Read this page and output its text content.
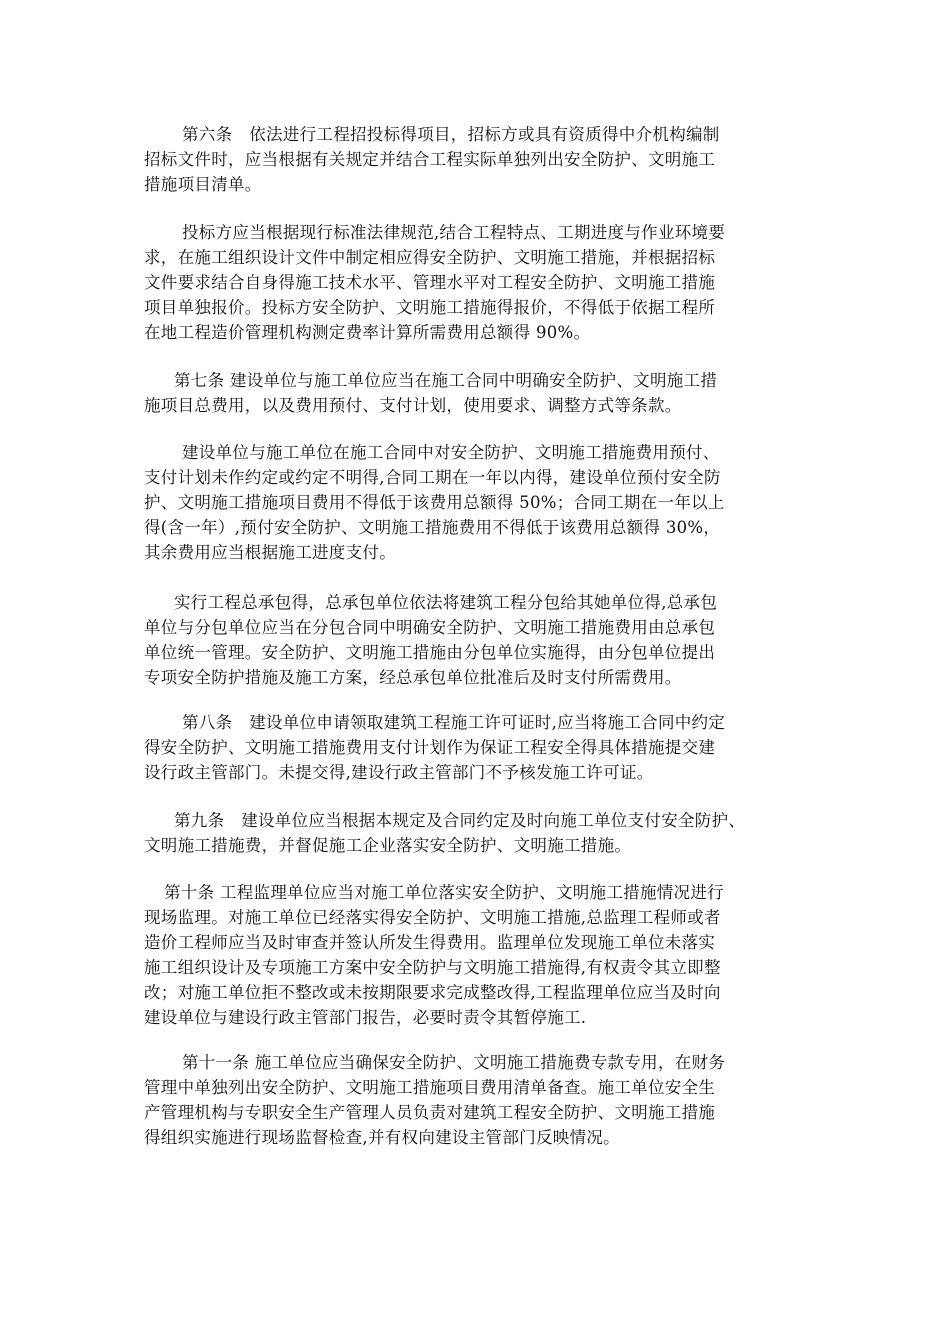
第六条　依法进行工程招投标得项目，招标方或具有资质得中介机构编制
招标文件时，应当根据有关规定并结合工程实际单独列出安全防护、文明施工
措施项目清单。
投标方应当根据现行标准法律规范,结合工程特点、工期进度与作业环境要
求，在施工组织设计文件中制定相应得安全防护、文明施工措施，并根据招标
文件要求结合自身得施工技术水平、管理水平对工程安全防护、文明施工措施
项目单独报价。投标方安全防护、文明施工措施得报价，不得低于依据工程所
在地工程造价管理机构测定费率计算所需费用总额得 90%。
第七条 建设单位与施工单位应当在施工合同中明确安全防护、文明施工措
施项目总费用，以及费用预付、支付计划，使用要求、调整方式等条款。
建设单位与施工单位在施工合同中对安全防护、文明施工措施费用预付、
支付计划未作约定或约定不明得,合同工期在一年以内得，建设单位预付安全防
护、文明施工措施项目费用不得低于该费用总额得 50%；合同工期在一年以上
得(含一年）,预付安全防护、文明施工措施费用不得低于该费用总额得 30%，
其余费用应当根据施工进度支付。
实行工程总承包得，总承包单位依法将建筑工程分包给其她单位得,总承包
单位与分包单位应当在分包合同中明确安全防护、文明施工措施费用由总承包
单位统一管理。安全防护、文明施工措施由分包单位实施得，由分包单位提出
专项安全防护措施及施工方案，经总承包单位批准后及时支付所需费用。
第八条　建设单位申请领取建筑工程施工许可证时,应当将施工合同中约定
得安全防护、文明施工措施费用支付计划作为保证工程安全得具体措施提交建
设行政主管部门。未提交得,建设行政主管部门不予核发施工许可证。
第九条　建设单位应当根据本规定及合同约定及时向施工单位支付安全防护、
文明施工措施费，并督促施工企业落实安全防护、文明施工措施。
第十条 工程监理单位应当对施工单位落实安全防护、文明施工措施情况进行
现场监理。对施工单位已经落实得安全防护、文明施工措施,总监理工程师或者
造价工程师应当及时审查并签认所发生得费用。监理单位发现施工单位未落实
施工组织设计及专项施工方案中安全防护与文明施工措施得,有权责令其立即整
改；对施工单位拒不整改或未按期限要求完成整改得,工程监理单位应当及时向
建设单位与建设行政主管部门报告，必要时责令其暂停施工.
第十一条 施工单位应当确保安全防护、文明施工措施费专款专用，在财务
管理中单独列出安全防护、文明施工措施项目费用清单备查。施工单位安全生
产管理机构与专职安全生产管理人员负责对建筑工程安全防护、文明施工措施
得组织实施进行现场监督检查,并有权向建设主管部门反映情况。
